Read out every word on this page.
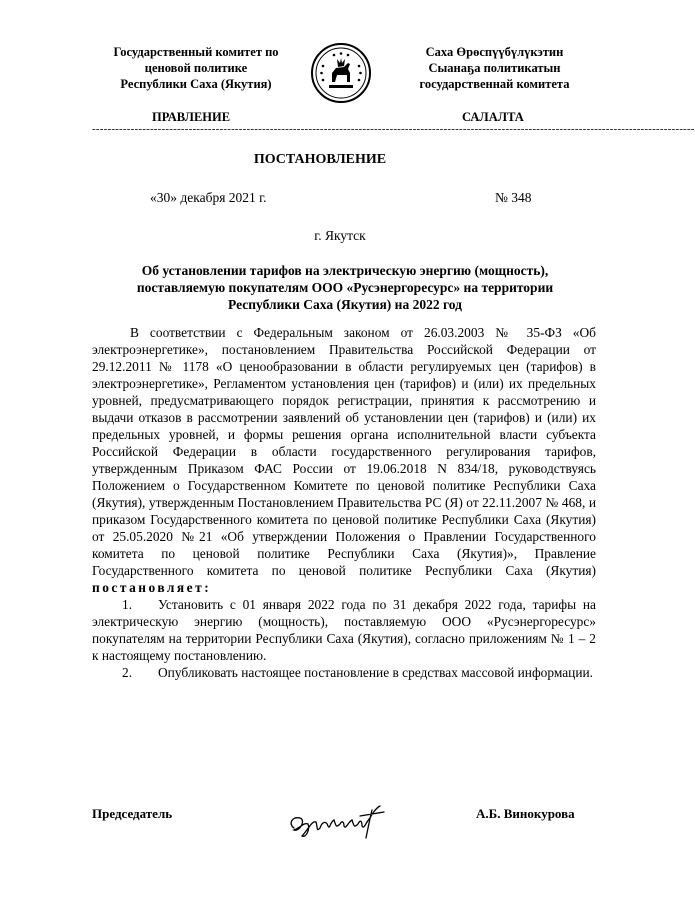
Государственный комитет по
ценовой политике
Республики Саха (Якутия)
Саха Өрөспүүбүлүкэтин
Сыанаҕа политикатын
государственнай комитета
ПРАВЛЕНИЕ	САЛАЛТА
------------------------------------------------------------------------------------------------------------------------------------------------------------
ПОСТАНОВЛЕНИЕ
«30» декабря 2021 г.	№ 348
г. Якутск
Об установлении тарифов на электрическую энергию (мощность),
поставляемую покупателям ООО «Русэнергоресурс» на территории
Республики Саха (Якутия) на 2022 год

В соответствии с Федеральным законом от 26.03.2003 № 35-ФЗ «Об электроэнергетике», постановлением Правительства Российской Федерации от 29.12.2011 № 1178 «О ценообразовании в области регулируемых цен (тарифов) в электроэнергетике», Регламентом установления цен (тарифов) и (или) их предельных уровней, предусматривающего порядок регистрации, принятия к рассмотрению и выдачи отказов в рассмотрении заявлений об установлении цен (тарифов) и (или) их предельных уровней, и формы решения органа исполнительной власти субъекта Российской Федерации в области государственного регулирования тарифов, утвержденным Приказом ФАС России от 19.06.2018 N 834/18, руководствуясь Положением о Государственном Комитете по ценовой политике Республики Саха (Якутия), утвержденным Постановлением Правительства РС (Я) от 22.11.2007 № 468, и приказом Государственного комитета по ценовой политике Республики Саха (Якутия) от 25.05.2020 №21 «Об утверждении Положения о Правлении Государственного комитета по ценовой политике Республики Саха (Якутия)», Правление Государственного комитета по ценовой политике Республики Саха (Якутия) постановляет:

1. Установить с 01 января 2022 года по 31 декабря 2022 года, тарифы на электрическую энергию (мощность), поставляемую ООО «Русэнергоресурс» покупателям на территории Республики Саха (Якутия), согласно приложениям № 1 – 2 к настоящему постановлению.

2. Опубликовать настоящее постановление в средствах массовой информации.

Председатель	А.Б. Винокурова
